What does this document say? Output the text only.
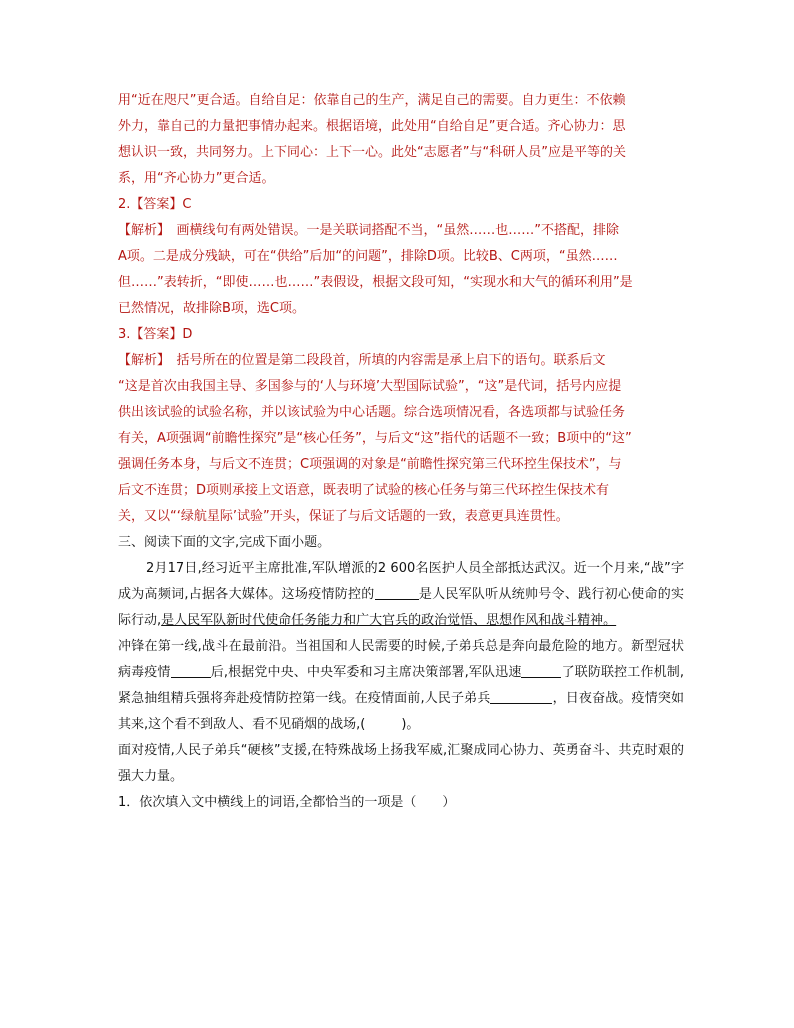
用“近在咫尺”更合适。自给自足：依靠自己的生产，满足自己的需要。自力更生：不依赖
外力，靠自己的力量把事情办起来。根据语境，此处用“自给自足”更合适。齐心协力：思
想认识一致，共同努力。上下同心：上下一心。此处“志愿者”与“科研人员”应是平等的关
系，用“齐心协力”更合适。
2.【答案】C
【解析】　画横线句有两处错误。一是关联词搭配不当，“虽然……也……”不搭配，排除
A项。二是成分残缺，可在“供给”后加“的问题”，排除D项。比较B、C两项，“虽然……
但……”表转折，“即使……也……”表假设，根据文段可知，“实现水和大气的循环利用”是
已然情况，故排除B项，选C项。
3.【答案】D
【解析】　括号所在的位置是第二段段首，所填的内容需是承上启下的语句。联系后文
“这是首次由我国主导、多国参与的‘人与环境’大型国际试验”，“这”是代词，括号内应提
供出该试验的试验名称，并以该试验为中心话题。综合选项情况看，各选项都与试验任务
有关，A项强调“前瞻性探究”是“核心任务”，与后文“这”指代的话题不一致；B项中的“这”
强调任务本身，与后文不连贯；C项强调的对象是“前瞻性探究第三代环控生保技术”，与
后文不连贯；D项则承接上文语意，既表明了试验的核心任务与第三代环控生保技术有
关，又以“‘绿航星际’试验”开头，保证了与后文话题的一致，表意更具连贯性。
三、阅读下面的文字,完成下面小题。

2月17日,经习近平主席批准,军队增派的2 600名医护人员全部抵达武汉。近一个月来,“战”字成为高频词,占据各大媒体。这场疫情防控的	是人民军队听从统帅号令、践行初心使命的实际行动,是人民军队新时代使命任务能力和广大官兵的政治觉悟、思想作风和战斗精神。

冲锋在第一线,战斗在最前沿。当祖国和人民需要的时候,子弟兵总是奔向最危险的地方。新型冠状病毒疫情	后,根据党中央、中央军委和习主席决策部署,军队迅速	了联防联控工作机制,紧急抽组精兵强将奔赴疫情防控第一线。在疫情面前,人民子弟兵	，日夜奋战。疫情突如其来,这个看不到敌人、看不见硝烟的战场,(	)。

面对疫情,人民子弟兵“硬核”支援,在特殊战场上扬我军威,汇聚成同心协力、英勇奋斗、共克时艰的强大力量。

1．依次填入文中横线上的词语,全都恰当的一项是（　　）
